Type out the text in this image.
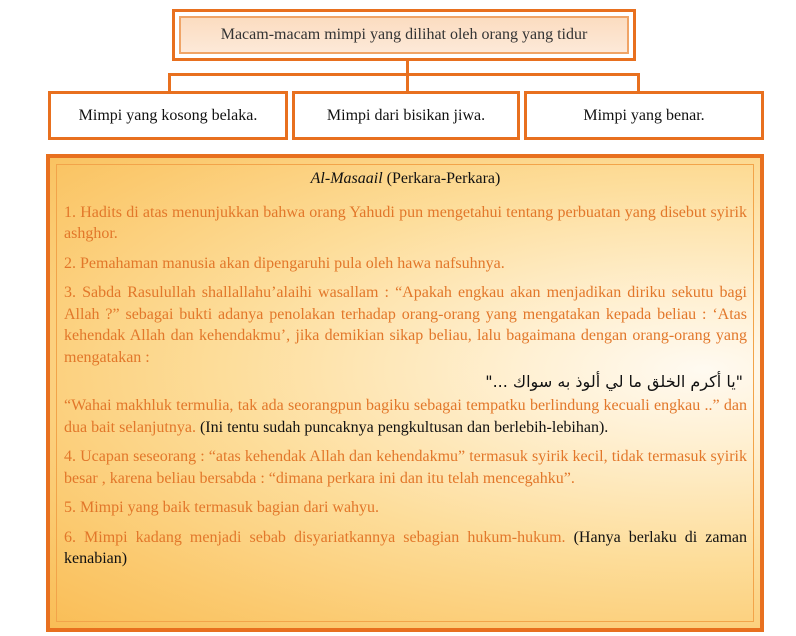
Macam-macam mimpi yang dilihat oleh orang yang tidur
Mimpi yang kosong belaka.	Mimpi dari bisikan jiwa.	Mimpi yang benar.

Al-Masaail (Perkara-Perkara)

1. Hadits di atas menunjukkan bahwa orang Yahudi pun mengetahui tentang perbuatan yang disebut syirik ashghor.

2. Pemahaman manusia akan dipengaruhi pula oleh hawa nafsuhnya.

3. Sabda Rasulullah shallallahu’alaihi wasallam : “Apakah engkau akan menjadikan diriku sekutu bagi Allah ?” sebagai bukti adanya penolakan terhadap orang-orang yang mengatakan kepada beliau : ‘Atas kehendak Allah dan kehendakmu’, jika demikian sikap beliau, lalu bagaimana dengan orang-orang yang mengatakan :

"يا أكرم الخلق ما لي ألوذ به سواك ..."

“Wahai makhluk termulia, tak ada seorangpun bagiku sebagai tempatku berlindung kecuali engkau ..” dan dua bait selanjutnya. (Ini tentu sudah puncaknya pengkultusan dan berlebih-lebihan).

4. Ucapan seseorang : “atas kehendak Allah dan kehendakmu” termasuk syirik kecil, tidak termasuk syirik besar , karena beliau bersabda : “dimana perkara ini dan itu telah mencegahku”.

5. Mimpi yang baik termasuk bagian dari wahyu.

6. Mimpi kadang menjadi sebab disyariatkannya sebagian hukum-hukum. (Hanya berlaku di zaman kenabian)
